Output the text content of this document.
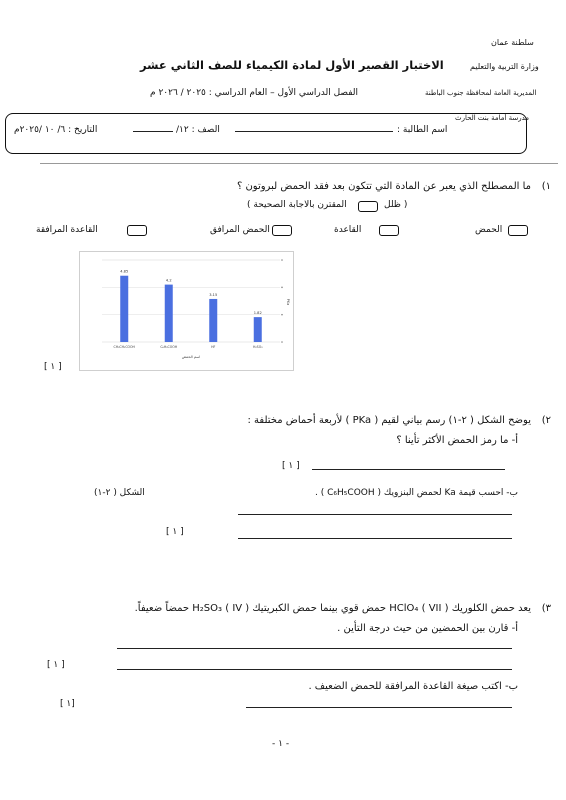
سلطنة عمان
وزارة التربية والتعليم
المديرية العامة لمحافظة جنوب الباطنة
مدرسة أمامة بنت الحارث
الاختبار القصير الأول لمادة الكيمياء للصف الثاني عشر
الفصل الدراسي الأول – العام الدراسي : ٢٠٢٥ / ٢٠٢٦ م
اسم الطالبة :
الصف : ١٢/
التاريخ : ٦/ ١٠ /٢٠٢٥م
١)
ما المصطلح الذي يعبر عن المادة التي تتكون بعد فقد الحمض لبروتون ؟
( ظلل
المقترن بالاجابة الصحيحة )
الحمض
القاعدة
الحمض المرافق
القاعدة المرافقة
4.85
CH₃CH₂COOH
4.2
C₆H₅COOH
3.15
HF
1.82
H₂SO₃
اسم الحمض
PKa
[ ١ ]
٢)
يوضح الشكل ( ٢-١) رسم بياني لقيم ( PKa ) لأربعة أحماض مختلفة :
أ- ما رمز الحمض الأكثر تأينا ؟
[ ١ ]
ب- احسب قيمة Ka لحمض البنزويك ( C₆H₅COOH ) .
الشكل ( ٢-١)
[ ١ ]
٣)
يعد حمض الكلوريك ( VII ) HClO₄ حمض قوي بينما حمض الكبريتيك ( IV ) H₂SO₃ حمضاً ضعيفاً.
أ- قارن بين الحمضين من حيث درجة التأين .
[ ١ ]
ب- اكتب صيغة القاعدة المرافقة للحمض الضعيف .
[١ ]
- ١ -
